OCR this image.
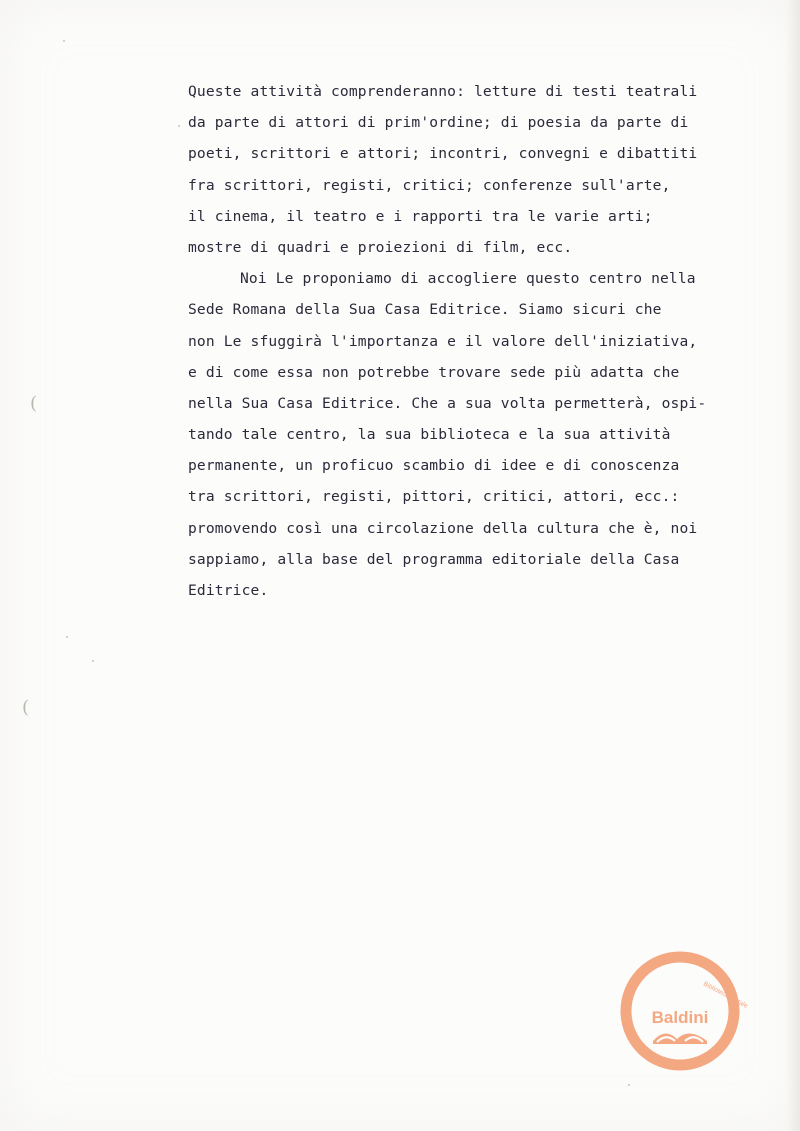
Queste attività comprenderanno: letture di testi teatrali
da parte di attori di prim'ordine; di poesia da parte di
poeti, scrittori e attori; incontri, convegni e dibattiti
fra scrittori, registi, critici; conferenze sull'arte,
il cinema, il teatro e i rapporti tra le varie arti;
mostre di quadri e proiezioni di film, ecc.
Noi Le proponiamo di accogliere questo centro nella
Sede Romana della Sua Casa Editrice. Siamo sicuri che
non Le sfuggirà l'importanza e il valore dell'iniziativa,
e di come essa non potrebbe trovare sede più adatta che
nella Sua Casa Editrice. Che a sua volta permetterà, ospi-
tando tale centro, la sua biblioteca e la sua attività
permanente, un proficuo scambio di idee e di conoscenza
tra scrittori, registi, pittori, critici, attori, ecc.:
promovendo così una circolazione della cultura che è, noi
sappiamo, alla base del programma editoriale della Casa
Editrice.
(
(
Biblioteca statale
Baldini
